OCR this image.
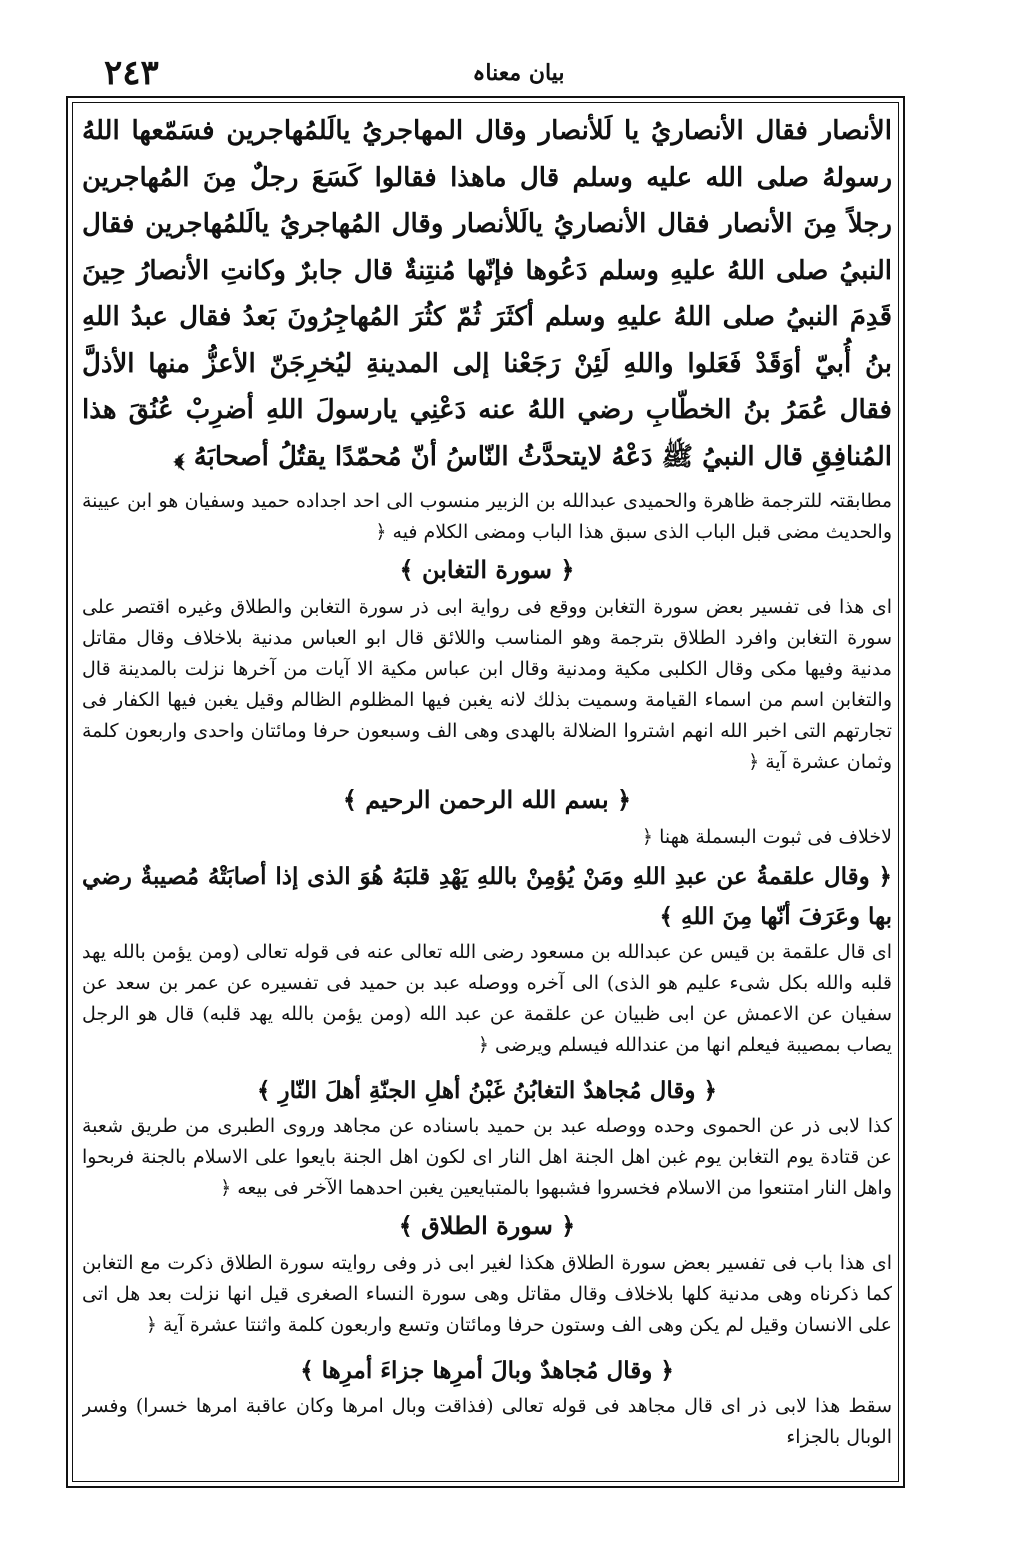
٢٤٣	بیان معناہ

الأنصار فقال الأنصاريُ يا لَلأنصار وقال المهاجريُ يالَلمُهاجرين فسَمّعها اللهُ رسولهُ صلى الله عليه وسلم قال ماهذا فقالوا كَسَعَ رجلٌ مِنَ المُهاجرين رجلاً مِنَ الأنصار فقال الأنصاريُ يالَلأنصار وقال المُهاجريُ يالَلمُهاجرين فقال النبيُ صلى اللهُ عليهِ وسلم دَعُوها فإنّها مُنتِنةٌ قال جابرٌ وكانتِ الأنصارُ حِينَ قَدِمَ النبيُ صلى اللهُ عليهِ وسلم أكثَرَ ثُمّ كثُرَ المُهاجِرُونَ بَعدُ فقال عبدُ اللهِ بنُ أُبيّ أوَقَدْ فَعَلوا واللهِ لَئِنْ رَجَعْنا إلى المدينةِ ليُخرِجَنّ الأعزُّ منها الأذلَّ فقال عُمَرُ بنُ الخطّابِ رضي اللهُ عنه دَعْنِي يارسولَ اللهِ أضرِبْ عُنُقَ هذا المُنافِقِ قال النبيُ ﷺ دَعْهُ لايتحدَّثُ النّاسُ أنّ مُحمّدًا يقتُلُ أصحابَهُ ﴾

مطابقتہ للترجمة ظاهرة والحميدی عبدالله بن الزبير منسوب الى احد اجداده حميد وسفيان هو ابن عيينة والحديث مضى قبل الباب الذى سبق هذا الباب ومضى الكلام فيه ﴿

﴿ سورة التغابن ﴾

اى هذا فى تفسير بعض سورة التغابن ووقع فى رواية ابى ذر سورة التغابن والطلاق وغيره اقتصر على سورة التغابن وافرد الطلاق بترجمة وهو المناسب واللائق قال ابو العباس مدنية بلاخلاف وقال مقاتل مدنية وفيها مكى وقال الكلبى مكية ومدنية وقال ابن عباس مكية الا آيات من آخرها نزلت بالمدينة قال والتغابن اسم من اسماء القيامة وسميت بذلك لانه يغبن فيها المظلوم الظالم وقيل يغبن فيها الكفار فى تجارتهم التى اخبر الله انهم اشتروا الضلالة بالهدى وهى الف وسبعون حرفا ومائتان واحدى واربعون كلمة وثمان عشرة آية ﴿

﴿ بسم الله الرحمن الرحيم ﴾

لاخلاف فى ثبوت البسملة ههنا ﴿

﴿ وقال علقمةُ عن عبدِ اللهِ ومَنْ يُؤمِنْ باللهِ يَهْدِ قلبَهُ هُوَ الذى إذا أصابَتْهُ مُصيبةٌ رضي بها وعَرَفَ أنّها مِنَ اللهِ ﴾

اى قال علقمة بن قيس عن عبدالله بن مسعود رضى الله تعالى عنه فى قوله تعالى (ومن يؤمن بالله يهد قلبه والله بكل شىء عليم هو الذى) الى آخره ووصله عبد بن حميد فى تفسيره عن عمر بن سعد عن سفيان عن الاعمش عن ابى ظبيان عن علقمة عن عبد الله (ومن يؤمن بالله يهد قلبه) قال هو الرجل يصاب بمصيبة فيعلم انها من عندالله فيسلم ويرضى ﴿

﴿ وقال مُجاهدٌ التغابُنُ غَبْنُ أهلِ الجنّةِ أهلَ النّارِ ﴾

كذا لابى ذر عن الحموى وحده ووصله عبد بن حميد باسناده عن مجاهد وروى الطبرى من طريق شعبة عن قتادة يوم التغابن يوم غبن اهل الجنة اهل النار اى لكون اهل الجنة بايعوا على الاسلام بالجنة فربحوا واهل النار امتنعوا من الاسلام فخسروا فشبهوا بالمتبايعين يغبن احدهما الآخر فى بيعه ﴿

﴿ سورة الطلاق ﴾

اى هذا باب فى تفسير بعض سورة الطلاق هكذا لغير ابى ذر وفى روايته سورة الطلاق ذكرت مع التغابن كما ذكرناه وهى مدنية كلها بلاخلاف وقال مقاتل وهى سورة النساء الصغرى قيل انها نزلت بعد هل اتى على الانسان وقيل لم يكن وهى الف وستون حرفا ومائتان وتسع واربعون كلمة واثنتا عشرة آية ﴿

﴿ وقال مُجاهدٌ وبالَ أمرِها جزاءَ أمرِها ﴾

سقط هذا لابى ذر اى قال مجاهد فى قوله تعالى (فذاقت وبال امرها وكان عاقبة امرها خسرا) وفسر الوبال بالجزاء
